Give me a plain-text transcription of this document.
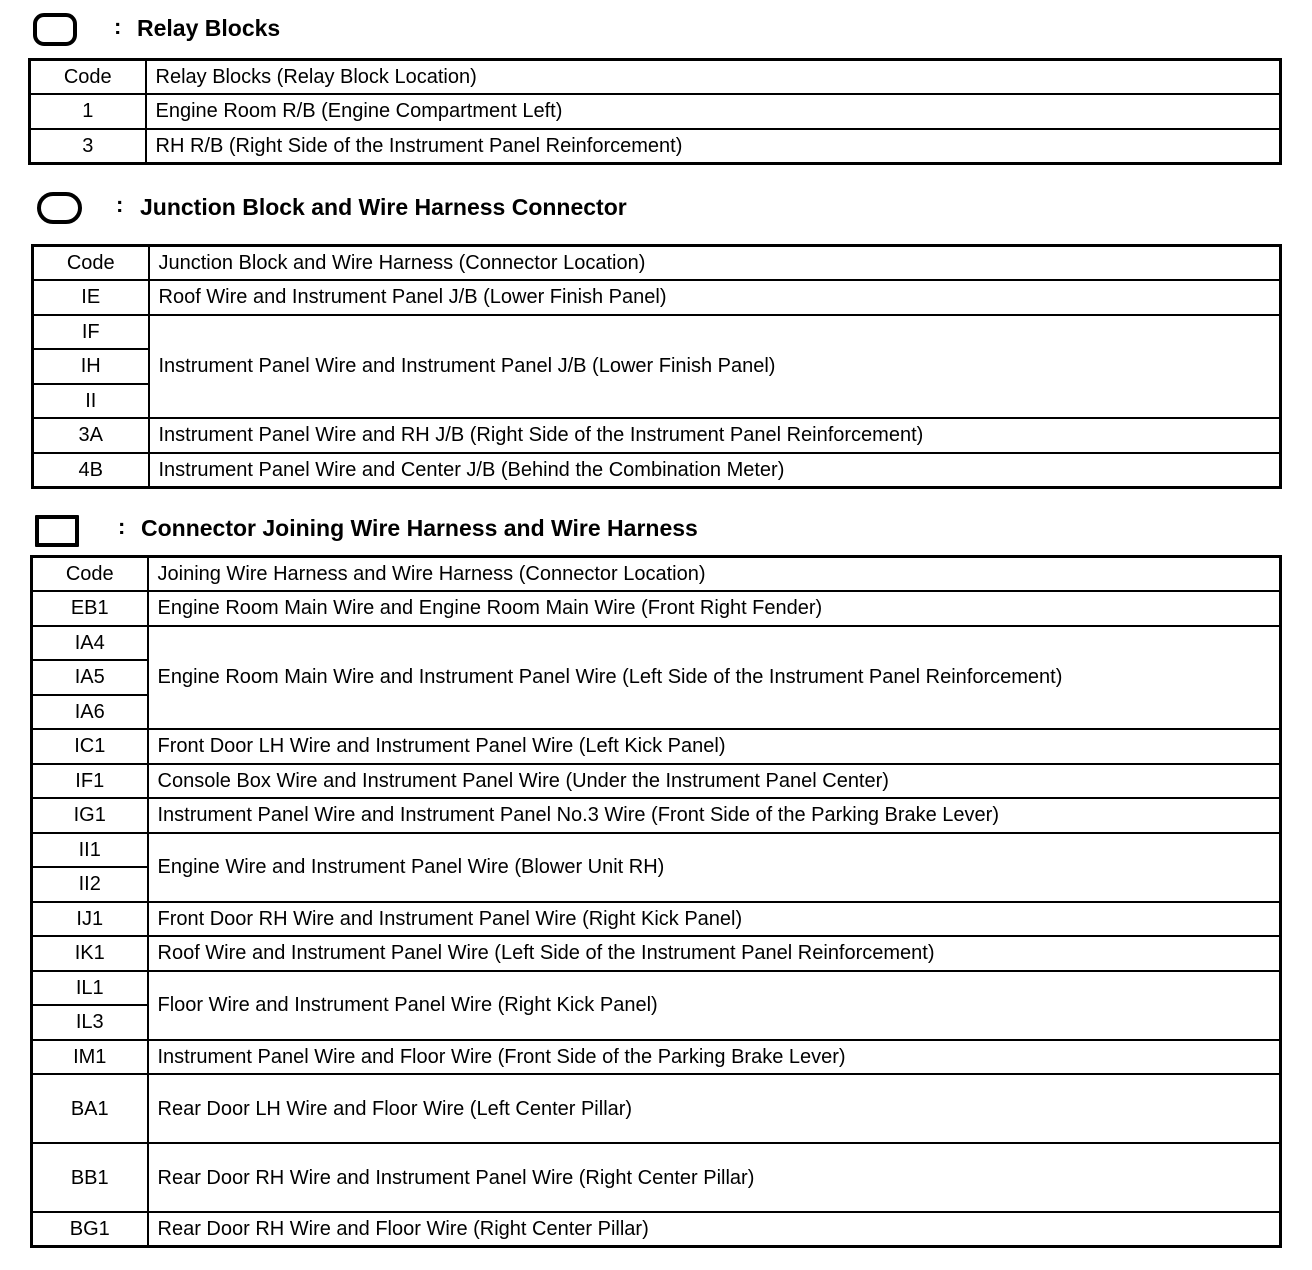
: Relay Blocks
Code	Relay Blocks (Relay Block Location)
1	Engine Room R/B (Engine Compartment Left)
3	RH R/B (Right Side of the Instrument Panel Reinforcement)
: Junction Block and Wire Harness Connector
Code	Junction Block and Wire Harness (Connector Location)
IE	Roof Wire and Instrument Panel J/B (Lower Finish Panel)
IF	Instrument Panel Wire and Instrument Panel J/B (Lower Finish Panel)
IH	
II	
3A	Instrument Panel Wire and RH J/B (Right Side of the Instrument Panel Reinforcement)
4B	Instrument Panel Wire and Center J/B (Behind the Combination Meter)
: Connector Joining Wire Harness and Wire Harness
Code	Joining Wire Harness and Wire Harness (Connector Location)
EB1	Engine Room Main Wire and Engine Room Main Wire (Front Right Fender)
IA4	Engine Room Main Wire and Instrument Panel Wire (Left Side of the Instrument Panel Reinforcement)
IA5	
IA6	
IC1	Front Door LH Wire and Instrument Panel Wire (Left Kick Panel)
IF1	Console Box Wire and Instrument Panel Wire (Under the Instrument Panel Center)
IG1	Instrument Panel Wire and Instrument Panel No.3 Wire (Front Side of the Parking Brake Lever)
II1	Engine Wire and Instrument Panel Wire (Blower Unit RH)
II2	
IJ1	Front Door RH Wire and Instrument Panel Wire (Right Kick Panel)
IK1	Roof Wire and Instrument Panel Wire (Left Side of the Instrument Panel Reinforcement)
IL1	Floor Wire and Instrument Panel Wire (Right Kick Panel)
IL3	
IM1	Instrument Panel Wire and Floor Wire (Front Side of the Parking Brake Lever)
BA1	Rear Door LH Wire and Floor Wire (Left Center Pillar)
BB1	Rear Door RH Wire and Instrument Panel Wire (Right Center Pillar)
BG1	Rear Door RH Wire and Floor Wire (Right Center Pillar)
